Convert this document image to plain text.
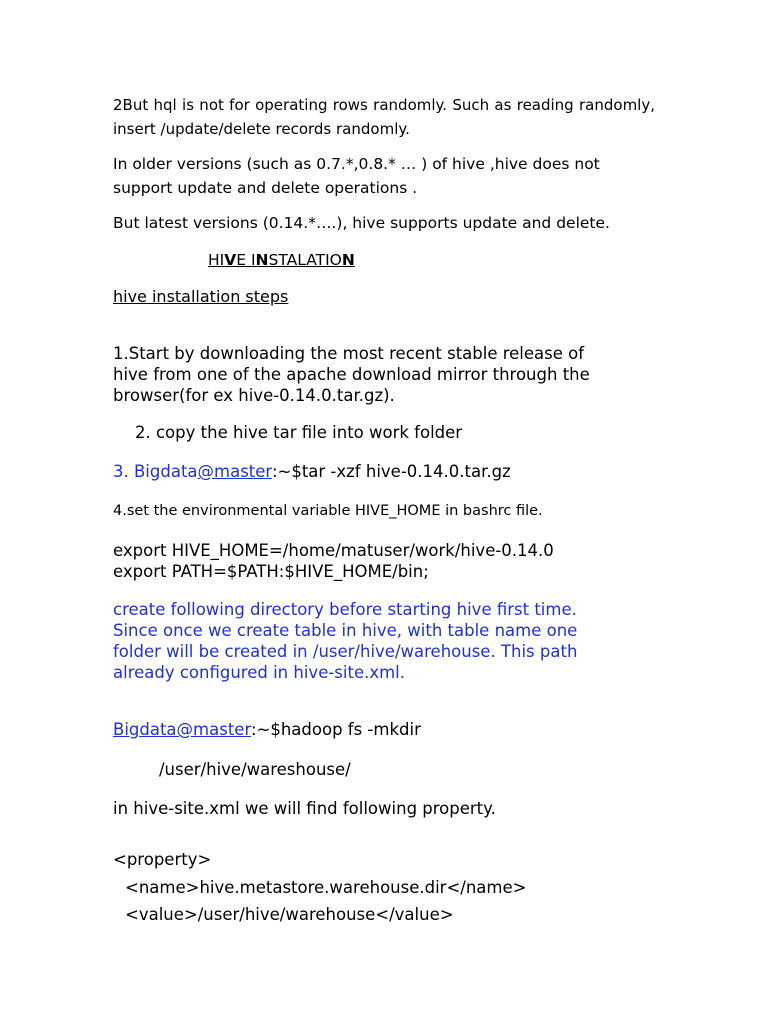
2But hql is not for operating rows randomly. Such as reading randomly, insert /update/delete records randomly.

In older versions (such as 0.7.*,0.8.* … ) of hive ,hive does not
support update and delete operations .

But latest versions (0.14.*….), hive supports update and delete.

HIVE INSTALATION

hive installation steps

1.Start by downloading the most recent stable release of
hive from one of the apache download mirror through the
browser(for ex hive-0.14.0.tar.gz).

2. copy the hive tar file into work folder

3. Bigdata@master:~$tar -xzf hive-0.14.0.tar.gz

4.set the environmental variable HIVE_HOME in bashrc file.

export HIVE_HOME=/home/matuser/work/hive-0.14.0
export PATH=$PATH:$HIVE_HOME/bin;

create following directory before starting hive first time.
Since once we create table in hive, with table name one
folder will be created in /user/hive/warehouse. This path
already configured in hive-site.xml.

Bigdata@master:~$hadoop fs -mkdir

/user/hive/wareshouse/

in hive-site.xml we will find following property.

<property>
<name>hive.metastore.warehouse.dir</name>
<value>/user/hive/warehouse</value>
